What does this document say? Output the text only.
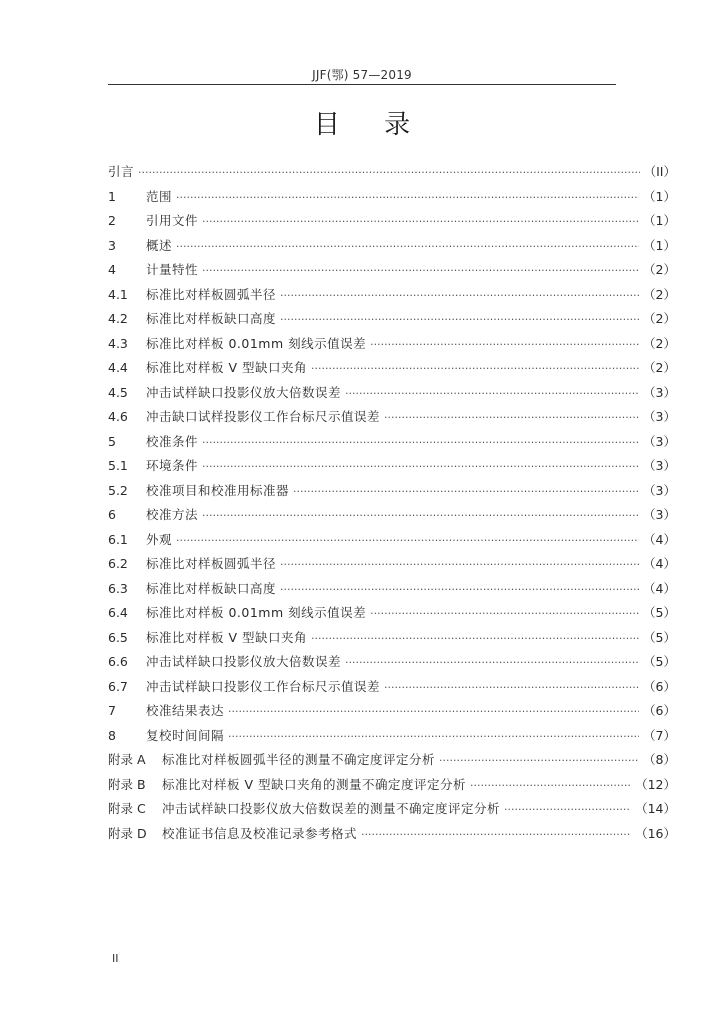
JJF(鄂) 57—2019
目 录
引言 ·····	（II）
1	范围 ·····	（1）
2	引用文件 ·····	（1）
3	概述 ·····	（1）
4	计量特性 ·····	（2）
4.1	标准比对样板圆弧半径 ·····	（2）
4.2	标准比对样板缺口高度 ·····	（2）
4.3	标准比对样板 0.01mm 刻线示值误差 ·····	（2）
4.4	标准比对样板 V 型缺口夹角 ·····	（2）
4.5	冲击试样缺口投影仪放大倍数误差 ·····	（3）
4.6	冲击缺口试样投影仪工作台标尺示值误差 ·····	（3）
5	校准条件 ·····	（3）
5.1	环境条件 ·····	（3）
5.2	校准项目和校准用标准器 ·····	（3）
6	校准方法 ·····	（3）
6.1	外观 ·····	（4）
6.2	标准比对样板圆弧半径 ·····	（4）
6.3	标准比对样板缺口高度 ·····	（4）
6.4	标准比对样板 0.01mm 刻线示值误差 ·····	（5）
6.5	标准比对样板 V 型缺口夹角 ·····	（5）
6.6	冲击试样缺口投影仪放大倍数误差 ·····	（5）
6.7	冲击试样缺口投影仪工作台标尺示值误差 ·····	（6）
7	校准结果表达 ·····	（6）
8	复校时间间隔 ·····	（7）
附录 A	标准比对样板圆弧半径的测量不确定度评定分析 ·····	（8）
附录 B	标准比对样板 V 型缺口夹角的测量不确定度评定分析 ·····	（12）
附录 C	冲击试样缺口投影仪放大倍数误差的测量不确定度评定分析 ·····	（14）
附录 D	校准证书信息及校准记录参考格式 ·····	（16）
II
